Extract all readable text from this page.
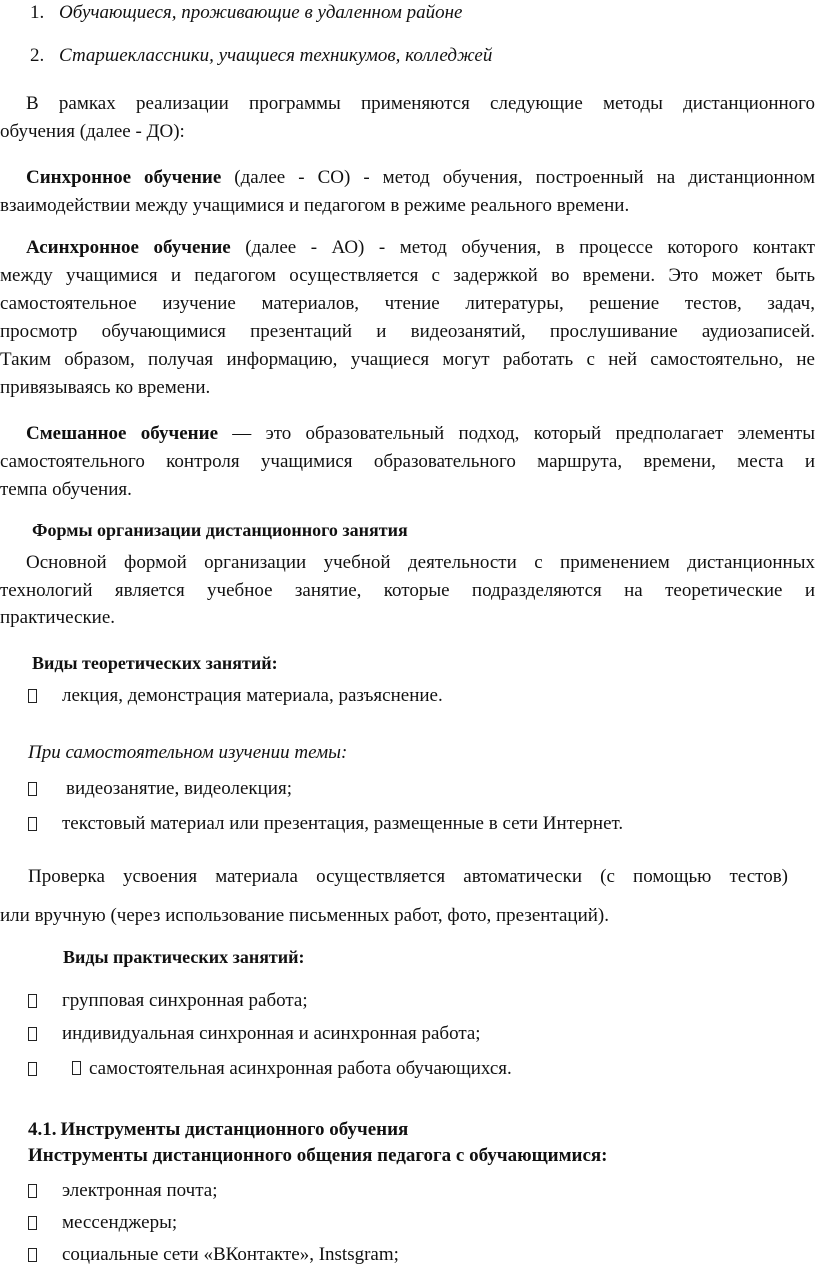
1. Обучающиеся, проживающие в удаленном районе
2. Старшеклассники, учащиеся техникумов, колледжей
В рамках реализации программы применяются следующие методы дистанционного
обучения (далее - ДО):
Синхронное обучение (далее - СО) - метод обучения, построенный на дистанционном
взаимодействии между учащимися и педагогом в режиме реального времени.
Асинхронное обучение (далее - АО) - метод обучения, в процессе которого контакт
между учащимися и педагогом осуществляется с задержкой во времени. Это может быть
самостоятельное изучение материалов, чтение литературы, решение тестов, задач,
просмотр обучающимися презентаций и видеозанятий, прослушивание аудиозаписей.
Таким образом, получая информацию, учащиеся могут работать с ней самостоятельно, не
привязываясь ко времени.
Смешанное обучение — это образовательный подход, который предполагает элементы
самостоятельного контроля учащимися образовательного маршрута, времени, места и
темпа обучения.
Формы организации дистанционного занятия
Основной формой организации учебной деятельности с применением дистанционных
технологий является учебное занятие, которые подразделяются на теоретические и
практические.
Виды теоретических занятий:
лекция, демонстрация материала, разъяснение.
При самостоятельном изучении темы:
видеозанятие, видеолекция;
текстовый материал или презентация, размещенные в сети Интернет.
Проверка усвоения материала осуществляется автоматически (с помощью тестов)
или вручную (через использование письменных работ, фото, презентаций).
Виды практических занятий:
групповая синхронная работа;
индивидуальная синхронная и асинхронная работа;
самостоятельная асинхронная работа обучающихся.
4.1. Инструменты дистанционного обучения
Инструменты дистанционного общения педагога с обучающимися:
электронная почта;
мессенджеры;
социальные сети «ВКонтакте», Instsgram;
